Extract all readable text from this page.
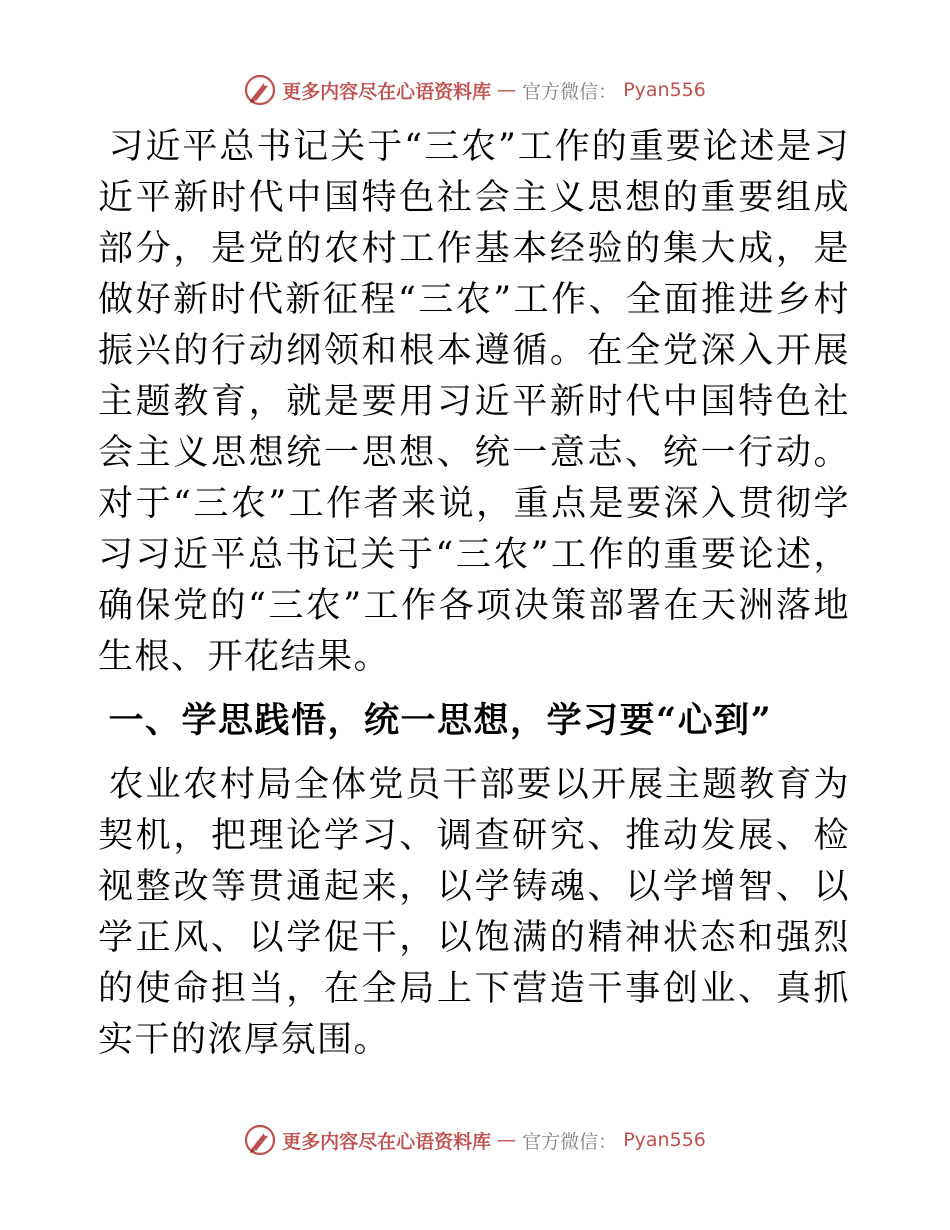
更多内容尽在心语资料库 — 官方微信： Pyan556

习近平总书记关于“三农”工作的重要论述是习近平新时代中国特色社会主义思想的重要组成部分，是党的农村工作基本经验的集大成，是做好新时代新征程“三农”工作、全面推进乡村振兴的行动纲领和根本遵循。在全党深入开展主题教育，就是要用习近平新时代中国特色社会主义思想统一思想、统一意志、统一行动。对于“三农”工作者来说，重点是要深入贯彻学习习近平总书记关于“三农”工作的重要论述，确保党的“三农”工作各项决策部署在天洲落地生根、开花结果。

一、学思践悟，统一思想，学习要“心到”

农业农村局全体党员干部要以开展主题教育为契机，把理论学习、调查研究、推动发展、检视整改等贯通起来，以学铸魂、以学增智、以学正风、以学促干，以饱满的精神状态和强烈的使命担当，在全局上下营造干事创业、真抓实干的浓厚氛围。

更多内容尽在心语资料库 — 官方微信： Pyan556
